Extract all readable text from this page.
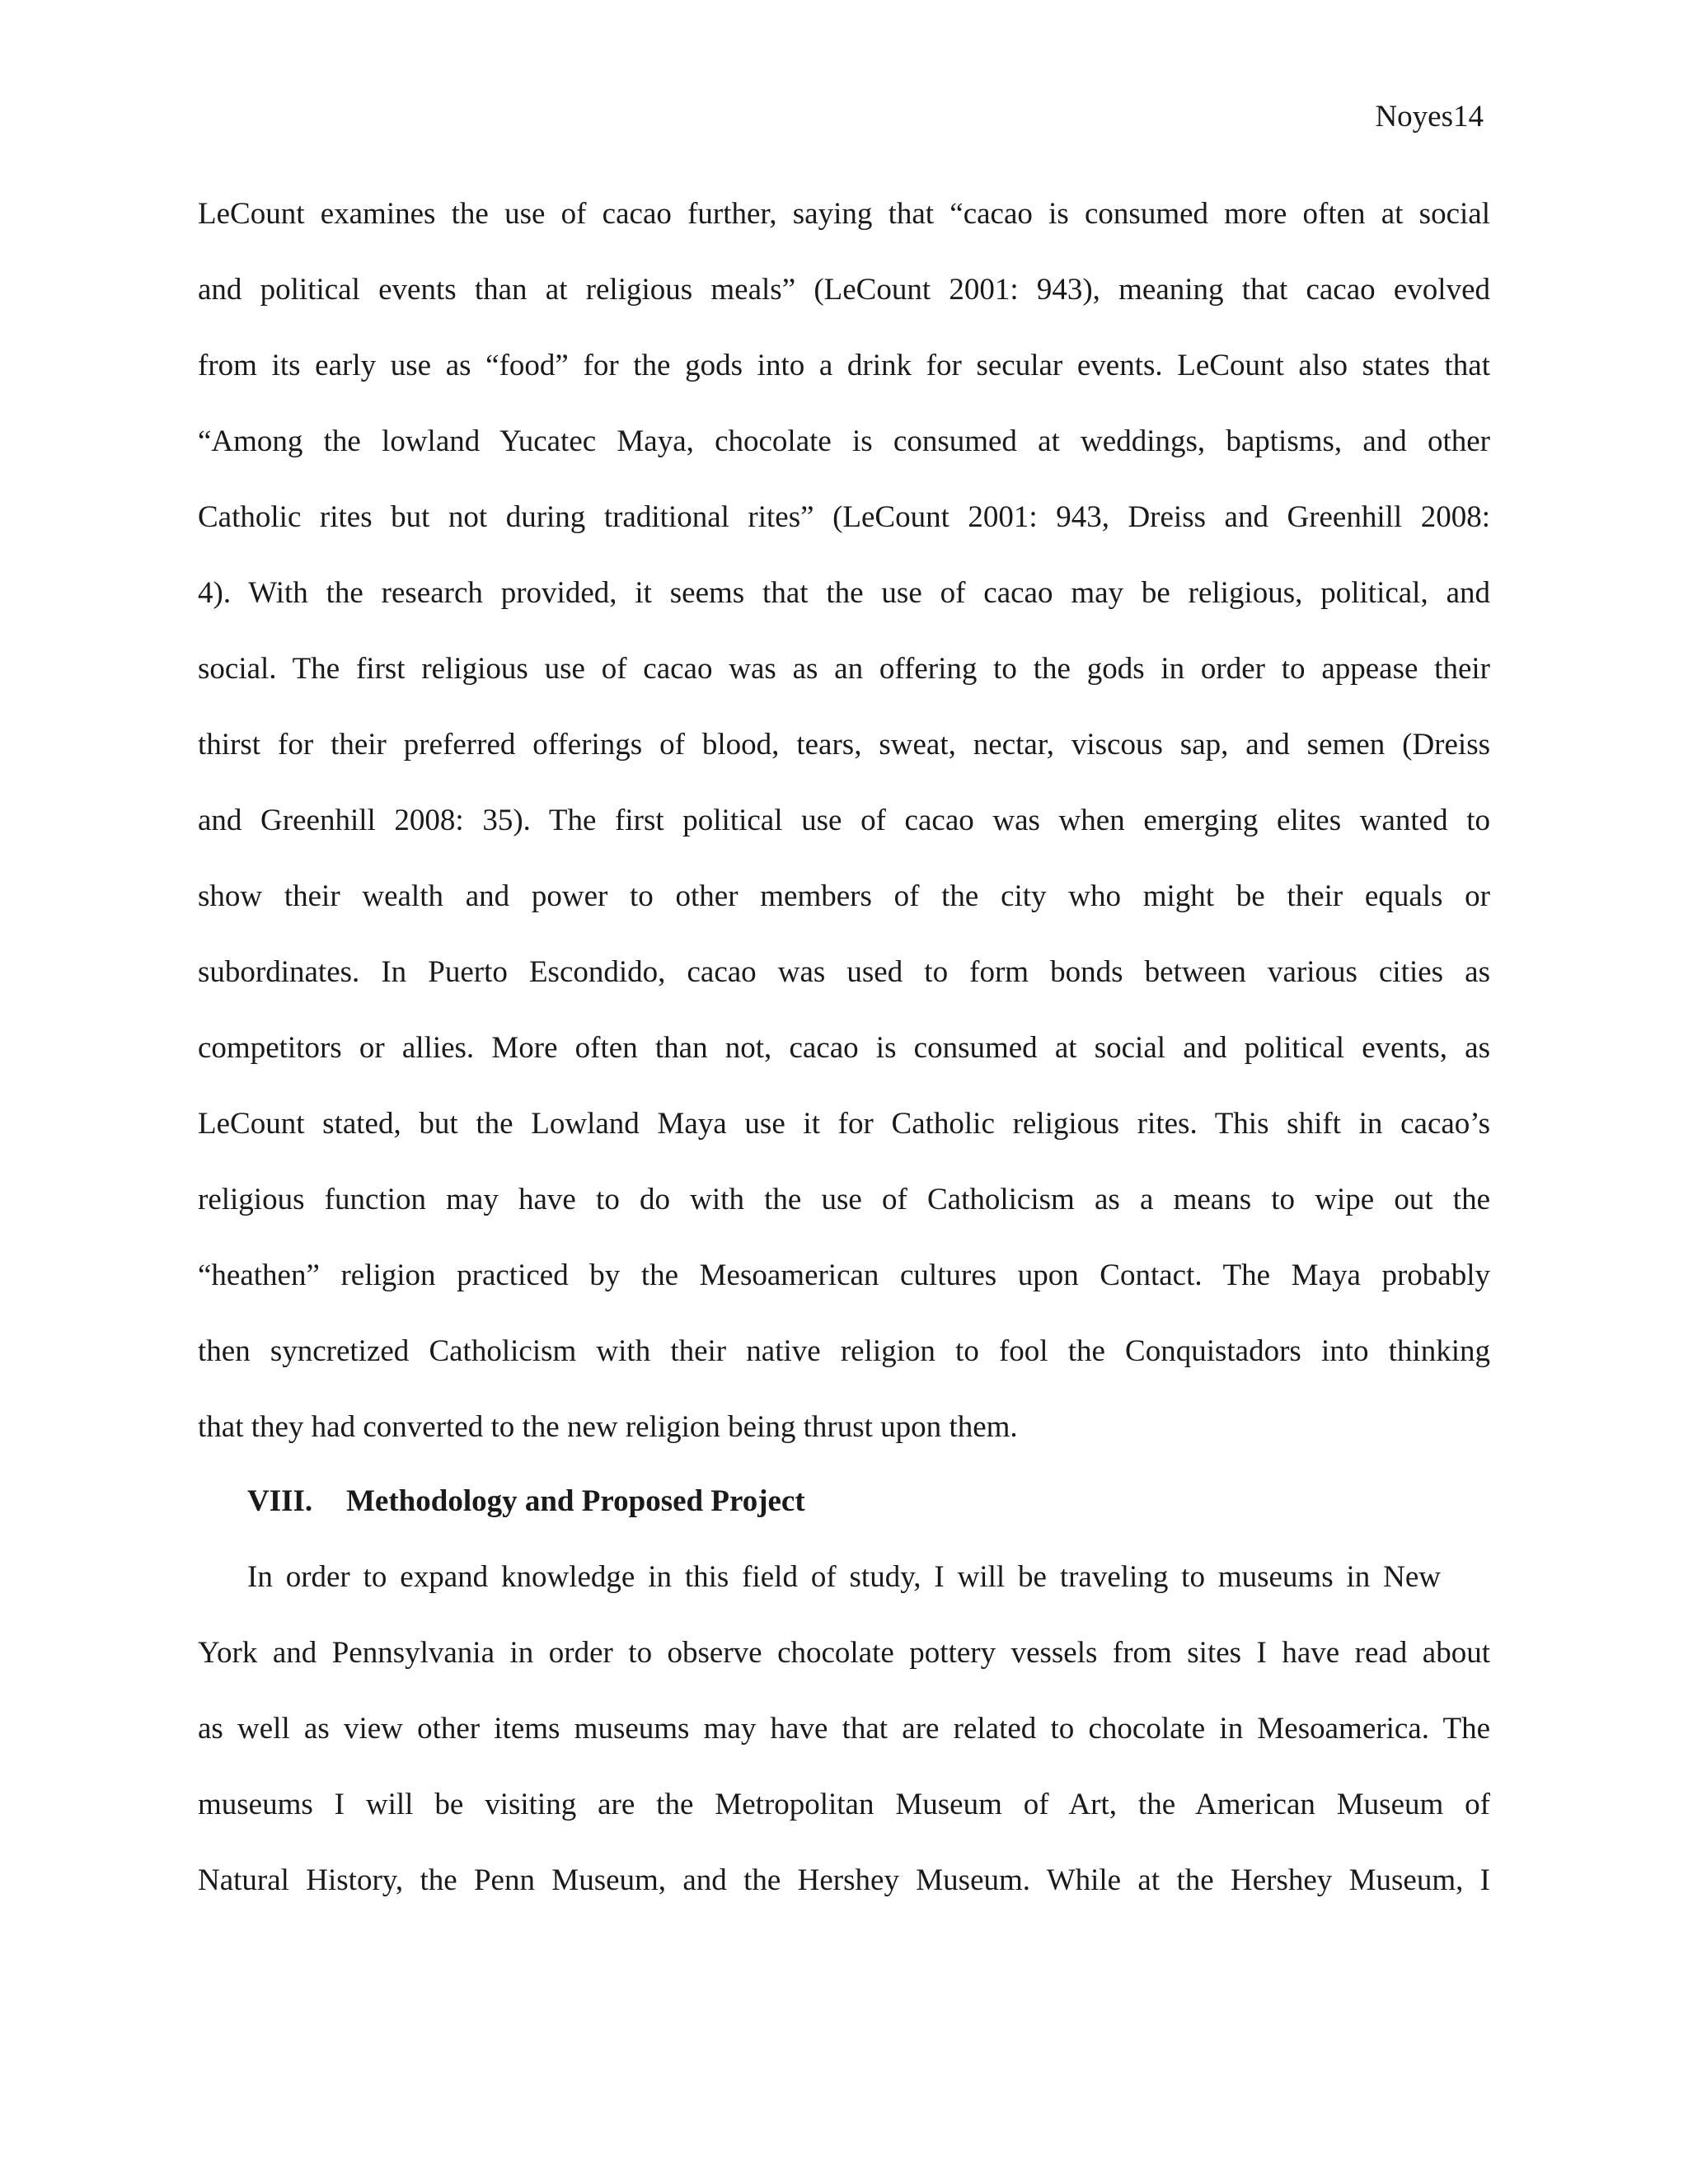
Noyes14
LeCount examines the use of cacao further, saying that “cacao is consumed more often at social
and political events than at religious meals” (LeCount 2001: 943), meaning that cacao evolved
from its early use as “food” for the gods into a drink for secular events. LeCount also states that
“Among the lowland Yucatec Maya, chocolate is consumed at weddings, baptisms, and other
Catholic rites but not during traditional rites” (LeCount 2001: 943, Dreiss and Greenhill 2008:
4). With the research provided, it seems that the use of cacao may be religious, political, and
social. The first religious use of cacao was as an offering to the gods in order to appease their
thirst for their preferred offerings of blood, tears, sweat, nectar, viscous sap, and semen (Dreiss
and Greenhill 2008: 35). The first political use of cacao was when emerging elites wanted to
show their wealth and power to other members of the city who might be their equals or
subordinates. In Puerto Escondido, cacao was used to form bonds between various cities as
competitors or allies. More often than not, cacao is consumed at social and political events, as
LeCount stated, but the Lowland Maya use it for Catholic religious rites. This shift in cacao’s
religious function may have to do with the use of Catholicism as a means to wipe out the
“heathen” religion practiced by the Mesoamerican cultures upon Contact. The Maya probably
then syncretized Catholicism with their native religion to fool the Conquistadors into thinking
that they had converted to the new religion being thrust upon them.
VIII. Methodology and Proposed Project
In order to expand knowledge in this field of study, I will be traveling to museums in New
York and Pennsylvania in order to observe chocolate pottery vessels from sites I have read about
as well as view other items museums may have that are related to chocolate in Mesoamerica. The
museums I will be visiting are the Metropolitan Museum of Art, the American Museum of
Natural History, the Penn Museum, and the Hershey Museum. While at the Hershey Museum, I
